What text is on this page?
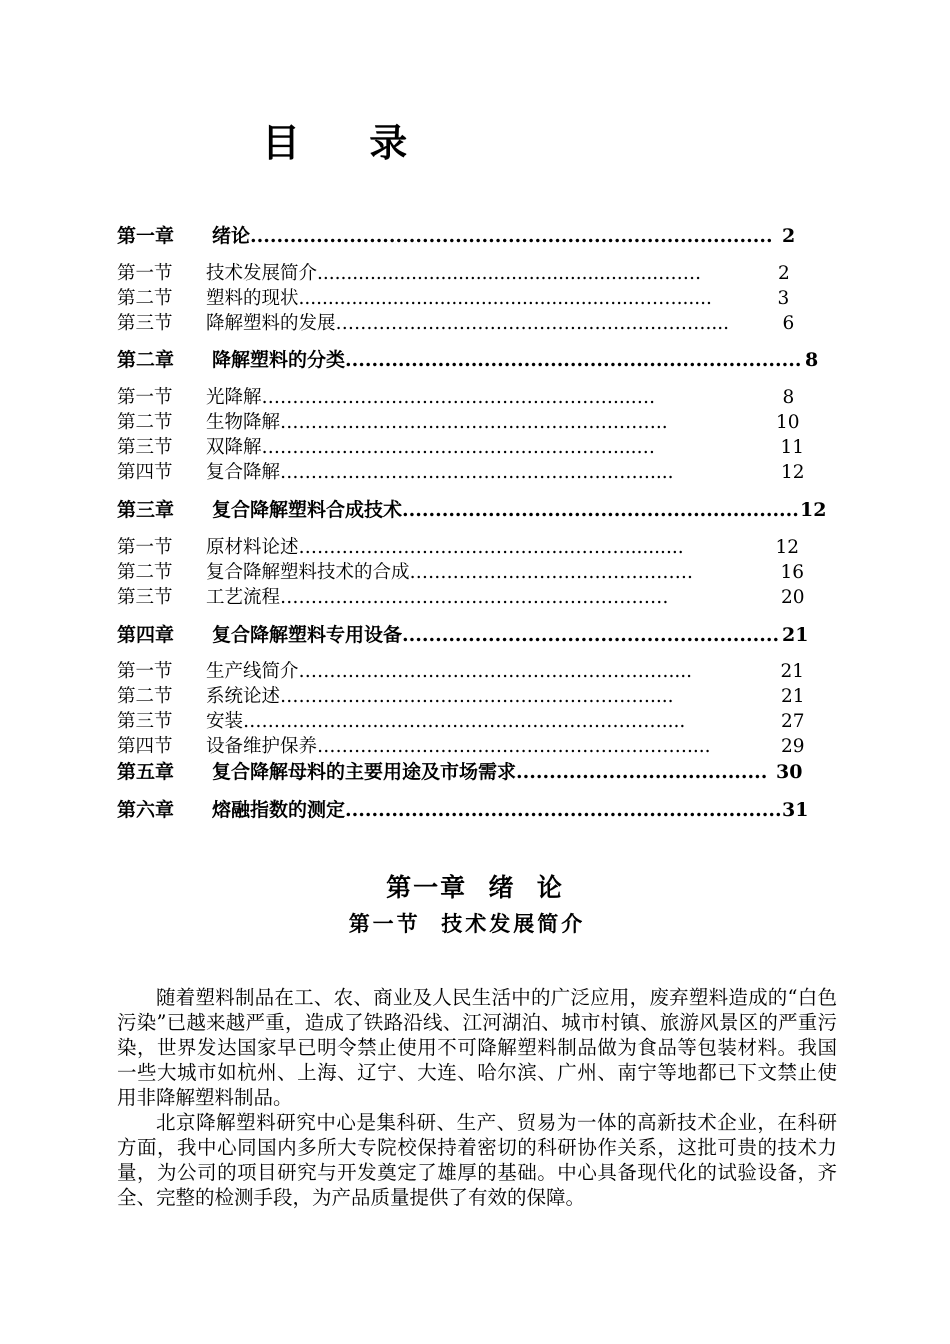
目 录
第一章 绪论............................................................................... 2
第一节 技术发展简介..........................................................…….	2
第二节 塑料的现状..........................................................……......	3
第三节 降解塑料的发展……………………………………………………....	6
第二章 降解塑料的分类..................................................................... 8
第一节 光降解…………………………………………………...….	8
第二节 生物降解……………………………………………….……..	10
第三节 双降解…………………………………………………....…	11
第四节 复合降解……………………………………………………....	12
第三章 复合降解塑料合成技术............................................................12
第一节 原材料论述……………………………………..………..........	12
第二节 复合降解塑料技术的合成……………………………………….	16
第三节 工艺流程………………………………………………………	20
第四章 复合降解塑料专用设备......................................................... 21
第一节 生产线简介……………………………………………………....	21
第二节 系统论述……………………………………………………....	21
第三节 安装…………………..………………………………………....	27
第四节 设备维护保养……………………………………………………....	29
第五章 复合降解母料的主要用途及市场需求...................................... 30
第六章 熔融指数的测定..................................................................31
第一章  绪  论
第一节  技术发展简介

随着塑料制品在工、农、商业及人民生活中的广泛应用，废弃塑料造成的“白色污染”已越来越严重，造成了铁路沿线、江河湖泊、城市村镇、旅游风景区的严重污染，世界发达国家早已明令禁止使用不可降解塑料制品做为食品等包装材料。我国一些大城市如杭州、上海、辽宁、大连、哈尔滨、广州、南宁等地都已下文禁止使用非降解塑料制品。

北京降解塑料研究中心是集科研、生产、贸易为一体的高新技术企业，在科研方面，我中心同国内多所大专院校保持着密切的科研协作关系，这批可贵的技术力量，为公司的项目研究与开发奠定了雄厚的基础。中心具备现代化的试验设备，齐全、完整的检测手段，为产品质量提供了有效的保障。
